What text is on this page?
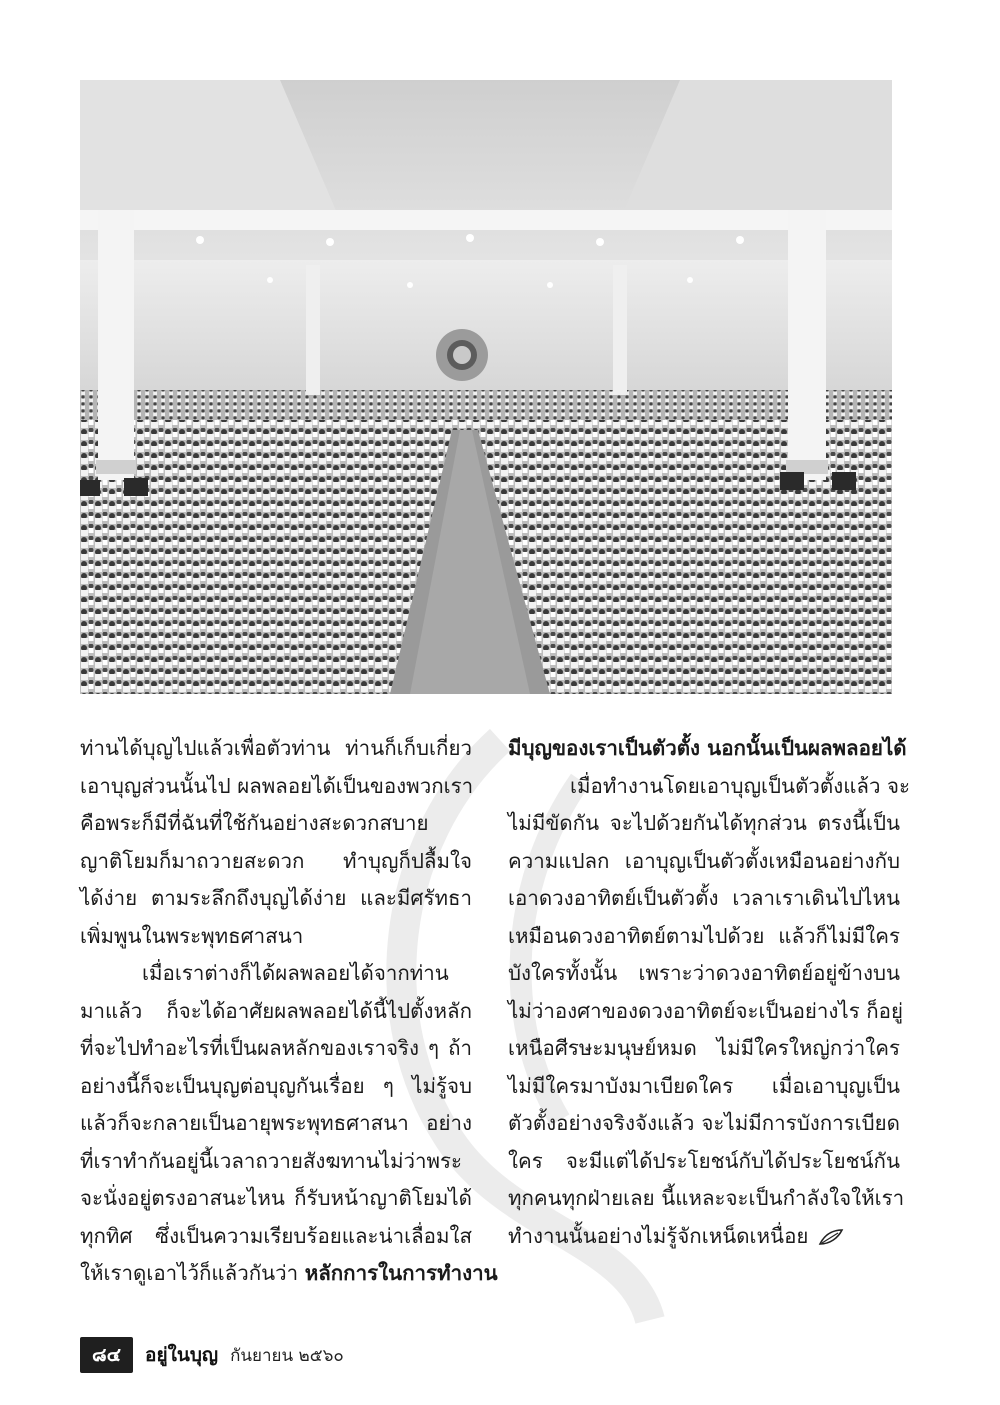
ท่านได้บุญไปแล้วเพื่อตัวท่าน ท่านก็เก็บเกี่ยว
เอาบุญส่วนนั้นไป ผลพลอยได้เป็นของพวกเรา
คือพระก็มีที่ฉันที่ใช้กันอย่างสะดวกสบาย
ญาติโยมก็มาถวายสะดวก ทำบุญก็ปลื้มใจ
ได้ง่าย ตามระลึกถึงบุญได้ง่าย และมีศรัทธา
เพิ่มพูนในพระพุทธศาสนา
เมื่อเราต่างก็ได้ผลพลอยได้จากท่าน
มาแล้ว ก็จะได้อาศัยผลพลอยได้นี้ไปตั้งหลัก
ที่จะไปทำอะไรที่เป็นผลหลักของเราจริง ๆ ถ้า
อย่างนี้ก็จะเป็นบุญต่อบุญกันเรื่อย ๆ ไม่รู้จบ
แล้วก็จะกลายเป็นอายุพระพุทธศาสนา อย่าง
ที่เราทำกันอยู่นี้เวลาถวายสังฆทานไม่ว่าพระ
จะนั่งอยู่ตรงอาสนะไหน ก็รับหน้าญาติโยมได้
ทุกทิศ ซึ่งเป็นความเรียบร้อยและน่าเลื่อมใส
ให้เราดูเอาไว้ก็แล้วกันว่า หลักการในการทำงาน
มีบุญของเราเป็นตัวตั้ง นอกนั้นเป็นผลพลอยได้
เมื่อทำงานโดยเอาบุญเป็นตัวตั้งแล้ว จะ
ไม่มีขัดกัน จะไปด้วยกันได้ทุกส่วน ตรงนี้เป็น
ความแปลก เอาบุญเป็นตัวตั้งเหมือนอย่างกับ
เอาดวงอาทิตย์เป็นตัวตั้ง เวลาเราเดินไปไหน
เหมือนดวงอาทิตย์ตามไปด้วย แล้วก็ไม่มีใคร
บังใครทั้งนั้น เพราะว่าดวงอาทิตย์อยู่ข้างบน
ไม่ว่าองศาของดวงอาทิตย์จะเป็นอย่างไร ก็อยู่
เหนือศีรษะมนุษย์หมด ไม่มีใครใหญ่กว่าใคร
ไม่มีใครมาบังมาเบียดใคร เมื่อเอาบุญเป็น
ตัวตั้งอย่างจริงจังแล้ว จะไม่มีการบังการเบียด
ใคร จะมีแต่ได้ประโยชน์กับได้ประโยชน์กัน
ทุกคนทุกฝ่ายเลย นี้แหละจะเป็นกำลังใจให้เรา
ทำงานนั้นอย่างไม่รู้จักเหน็ดเหนื่อย
๘๔	อยู่ในบุญ กันยายน ๒๕๖๐
